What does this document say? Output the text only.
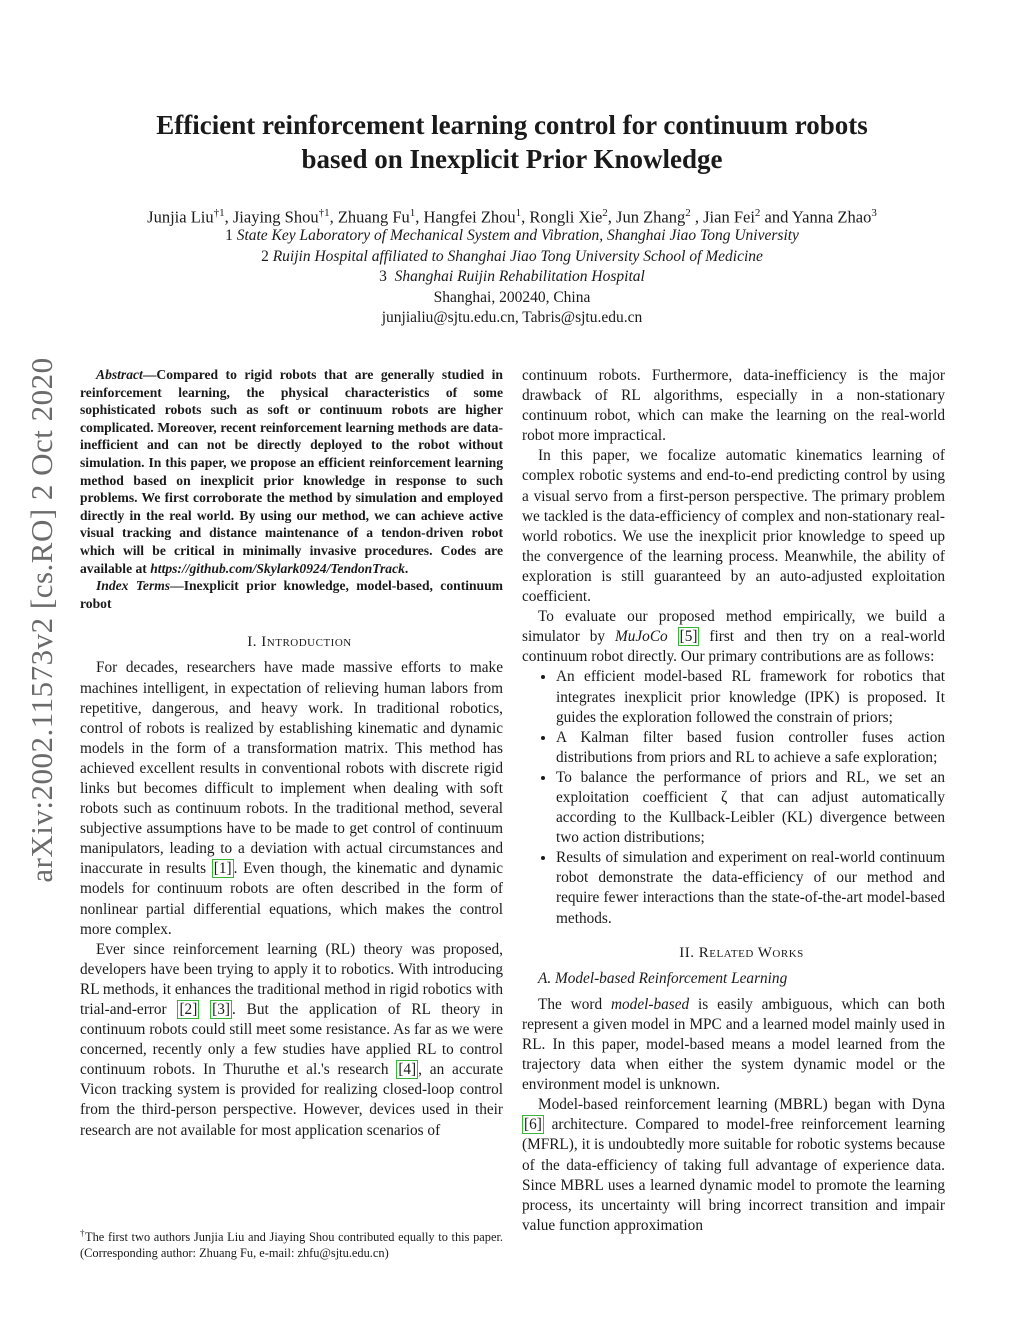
arXiv:2002.11573v2 [cs.RO] 2 Oct 2020
Efficient reinforcement learning control for continuum robots
based on Inexplicit Prior Knowledge
Junjia Liu$^{\dagger 1}$, Jiaying Shou$^{\dagger 1}$, Zhuang Fu$^1$, Hangfei Zhou$^1$, Rongli Xie$^2$, Jun Zhang$^2$ , Jian Fei$^2$ and Yanna Zhao$^3$
1 State Key Laboratory of Mechanical System and Vibration, Shanghai Jiao Tong University
2 Ruijin Hospital affiliated to Shanghai Jiao Tong University School of Medicine
3 Shanghai Ruijin Rehabilitation Hospital
Shanghai, 200240, China
junjialiu@sjtu.edu.cn, Tabris@sjtu.edu.cn

Abstract—Compared to rigid robots that are generally studied in reinforcement learning, the physical characteristics of some sophisticated robots such as soft or continuum robots are higher complicated. Moreover, recent reinforcement learning methods are data-inefficient and can not be directly deployed to the robot without simulation. In this paper, we propose an efficient reinforcement learning method based on inexplicit prior knowledge in response to such problems. We first corroborate the method by simulation and employed directly in the real world. By using our method, we can achieve active visual tracking and distance maintenance of a tendon-driven robot which will be critical in minimally invasive procedures. Codes are available at https://github.com/Skylark0924/TendonTrack.

Index Terms—Inexplicit prior knowledge, model-based, continuum robot

I. Introduction

For decades, researchers have made massive efforts to make machines intelligent, in expectation of relieving human labors from repetitive, dangerous, and heavy work. In traditional robotics, control of robots is realized by establishing kinematic and dynamic models in the form of a transformation matrix. This method has achieved excellent results in conventional robots with discrete rigid links but becomes difficult to implement when dealing with soft robots such as continuum robots. In the traditional method, several subjective assumptions have to be made to get control of continuum manipulators, leading to a deviation with actual circumstances and inaccurate in results [1] . Even though, the kinematic and dynamic models for continuum robots are often described in the form of nonlinear partial differential equations, which makes the control more complex.

Ever since reinforcement learning (RL) theory was proposed, developers have been trying to apply it to robotics. With introducing RL methods, it enhances the traditional method in rigid robotics with trial-and-error [2] [3] . But the application of RL theory in continuum robots could still meet some resistance. As far as we were concerned, recently only a few studies have applied RL to control continuum robots. In Thuruthe et al.'s research [4] , an accurate Vicon tracking system is provided for realizing closed-loop control from the third-person perspective. However, devices used in their research are not available for most application scenarios of

†The first two authors Junjia Liu and Jiaying Shou contributed equally to this paper. (Corresponding author: Zhuang Fu, e-mail: zhfu@sjtu.edu.cn)

continuum robots. Furthermore, data-inefficiency is the major drawback of RL algorithms, especially in a non-stationary continuum robot, which can make the learning on the real-world robot more impractical.

In this paper, we focalize automatic kinematics learning of complex robotic systems and end-to-end predicting control by using a visual servo from a first-person perspective. The primary problem we tackled is the data-efficiency of complex and non-stationary real-world robotics. We use the inexplicit prior knowledge to speed up the convergence of the learning process. Meanwhile, the ability of exploration is still guaranteed by an auto-adjusted exploitation coefficient.

To evaluate our proposed method empirically, we build a simulator by MuJoCo [5] first and then try on a real-world continuum robot directly. Our primary contributions are as follows:

• An efficient model-based RL framework for robotics that integrates inexplicit prior knowledge (IPK) is proposed. It guides the exploration followed the constrain of priors;
• A Kalman filter based fusion controller fuses action distributions from priors and RL to achieve a safe exploration;
• To balance the performance of priors and RL, we set an exploitation coefficient ζ that can adjust automatically according to the Kullback-Leibler (KL) divergence between two action distributions;
• Results of simulation and experiment on real-world continuum robot demonstrate the data-efficiency of our method and require fewer interactions than the state-of-the-art model-based methods.

II. Related Works

A. Model-based Reinforcement Learning

The word model-based is easily ambiguous, which can both represent a given model in MPC and a learned model mainly used in RL. In this paper, model-based means a model learned from the trajectory data when either the system dynamic model or the environment model is unknown.

Model-based reinforcement learning (MBRL) began with Dyna [6] architecture. Compared to model-free reinforcement learning (MFRL), it is undoubtedly more suitable for robotic systems because of the data-efficiency of taking full advantage of experience data. Since MBRL uses a learned dynamic model to promote the learning process, its uncertainty will bring incorrect transition and impair value function approximation
